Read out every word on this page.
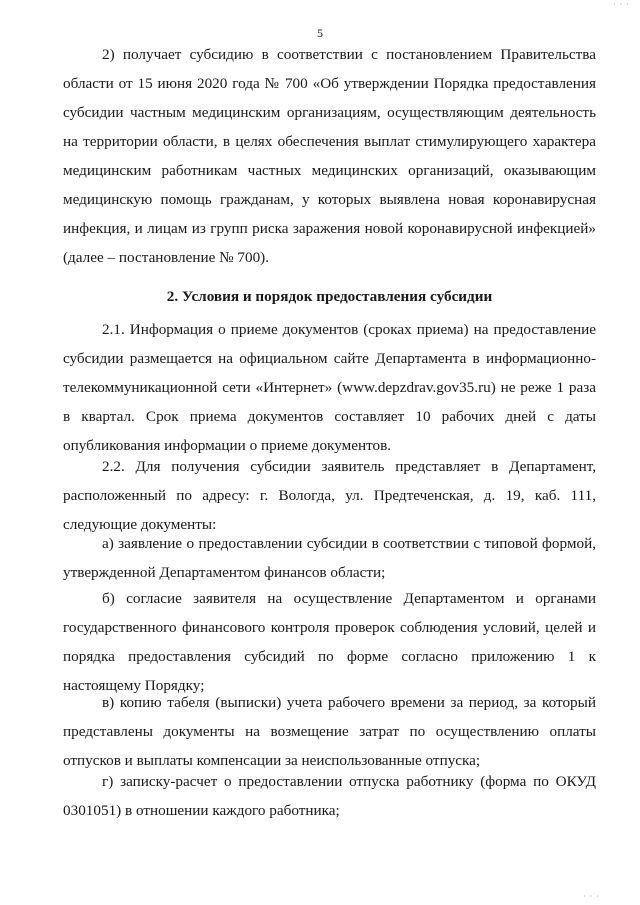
· · ·
5

2) получает субсидию в соответствии с постановлением Правительства области от 15 июня 2020 года № 700 «Об утверждении Порядка предоставления субсидии частным медицинским организациям, осуществляющим деятельность на территории области, в целях обеспечения выплат стимулирующего характера медицинским работникам частных медицинских организаций, оказывающим медицинскую помощь гражданам, у которых выявлена новая коронавирусная инфекция, и лицам из групп риска заражения новой коронавирусной инфекцией» (далее – постановление № 700).

2. Условия и порядок предоставления субсидии

2.1. Информация о приеме документов (сроках приема) на предоставление субсидии размещается на официальном сайте Департамента в информационно-телекоммуникационной сети «Интернет» (www.depzdrav.gov35.ru) не реже 1 раза в квартал. Срок приема документов составляет 10 рабочих дней с даты опубликования информации о приеме документов.

2.2. Для получения субсидии заявитель представляет в Департамент, расположенный по адресу: г. Вологда, ул. Предтеченская, д. 19, каб. 111, следующие документы:

а) заявление о предоставлении субсидии в соответствии с типовой формой, утвержденной Департаментом финансов области;

б) согласие заявителя на осуществление Департаментом и органами государственного финансового контроля проверок соблюдения условий, целей и порядка предоставления субсидий по форме согласно приложению 1 к настоящему Порядку;

в) копию табеля (выписки) учета рабочего времени за период, за который представлены документы на возмещение затрат по осуществлению оплаты отпусков и выплаты компенсации за неиспользованные отпуска;

г) записку-расчет о предоставлении отпуска работнику (форма по ОКУД 0301051) в отношении каждого работника;

· · ·
